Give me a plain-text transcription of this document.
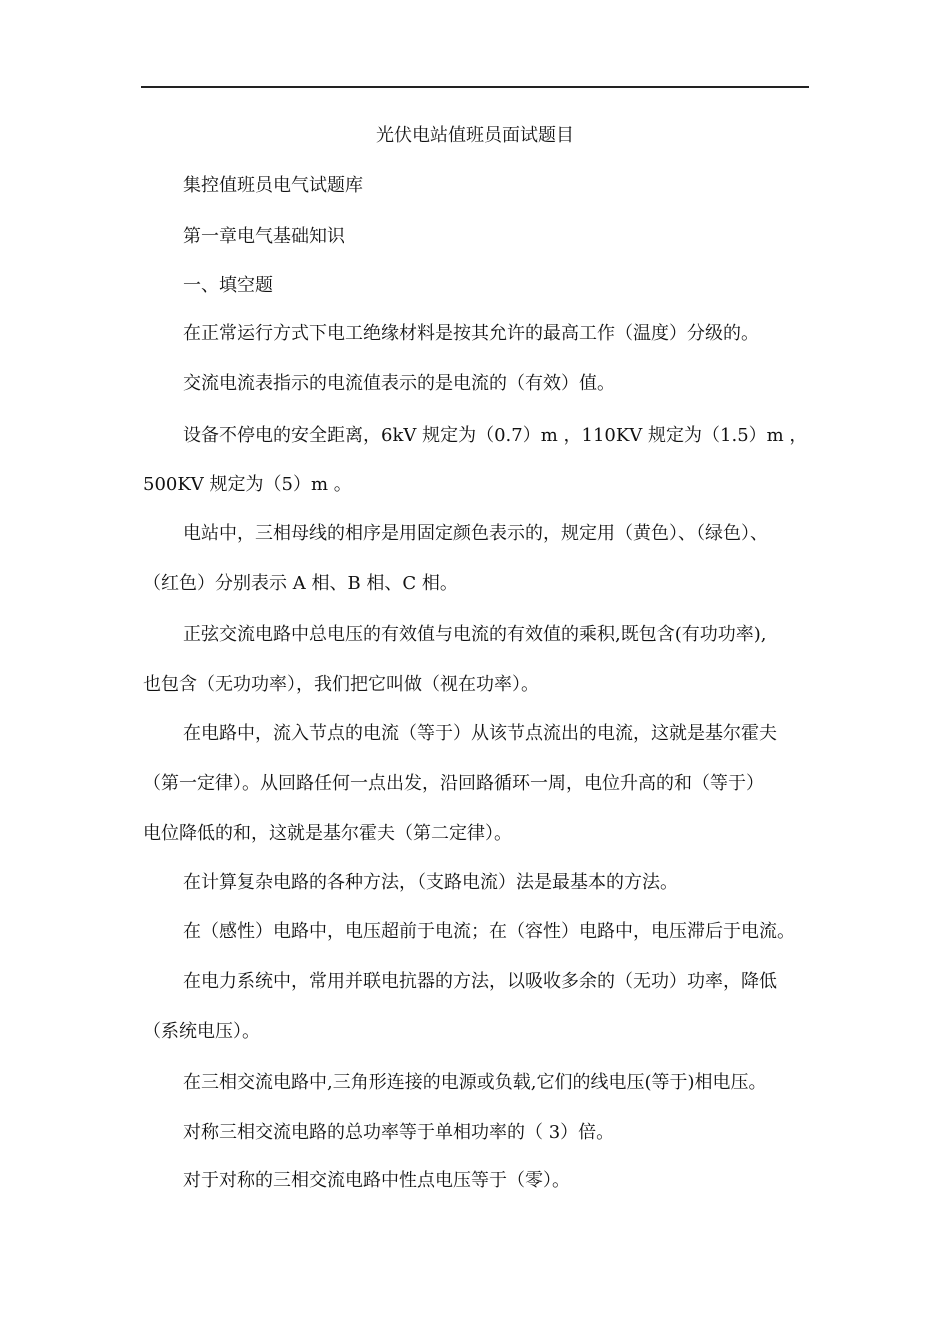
光伏电站值班员面试题目
集控值班员电气试题库
第一章电气基础知识
一、填空题
在正常运行方式下电工绝缘材料是按其允许的最高工作（温度）分级的。
交流电流表指示的电流值表示的是电流的（有效）值。
设备不停电的安全距离，6kV 规定为（0.7）m ，110KV 规定为（1.5）m ，
500KV 规定为（5）m 。
电站中，三相母线的相序是用固定颜色表示的，规定用（黄色）、（绿色）、
（红色）分别表示 A 相、B 相、C 相。
正弦交流电路中总电压的有效值与电流的有效值的乘积,既包含(有功功率),
也包含（无功功率），我们把它叫做（视在功率）。
在电路中，流入节点的电流（等于）从该节点流出的电流，这就是基尔霍夫
（第一定律）。从回路任何一点出发，沿回路循环一周，电位升高的和（等于）
电位降低的和，这就是基尔霍夫（第二定律）。
在计算复杂电路的各种方法，（支路电流）法是最基本的方法。
在（感性）电路中，电压超前于电流；在（容性）电路中，电压滞后于电流。
在电力系统中，常用并联电抗器的方法，以吸收多余的（无功）功率，降低
（系统电压）。
在三相交流电路中,三角形连接的电源或负载,它们的线电压(等于)相电压。
对称三相交流电路的总功率等于单相功率的（ 3）倍。
对于对称的三相交流电路中性点电压等于（零）。
